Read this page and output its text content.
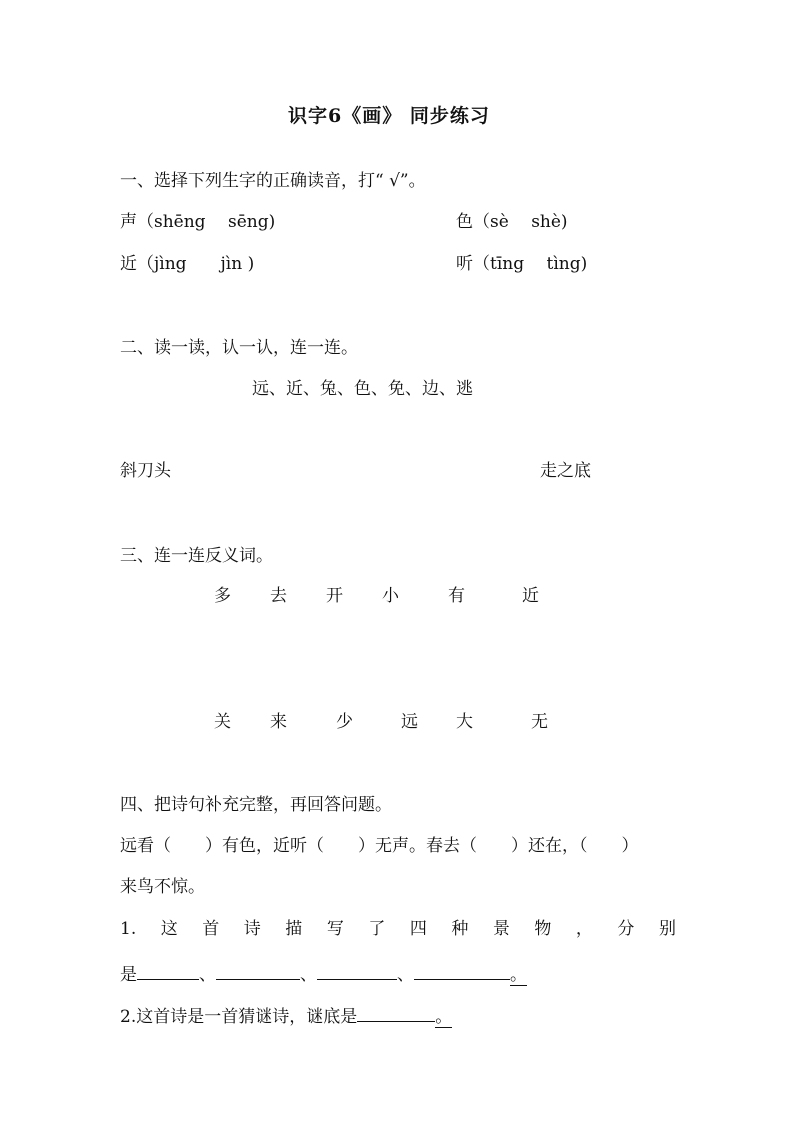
识字6《画》 同步练习
一、选择下列生字的正确读音，打“ √”。
声（shēng　 sēng)	色（sè　 shè)
近（jìng　　jìn )	听（tīng　 tìng)
二、读一读，认一认，连一连。
远、近、兔、色、免、边、逃
斜刀头	走之底
三、连一连反义词。
多 去 开 小	有	近
关 来	少	远 大	无
四、把诗句补充完整，再回答问题。
远看（　　）有色，近听（　　）无声。春去（　　）还在，（　　）
来鸟不惊。
1. 这 首 诗 描 写 了 四 种 景 物 ， 分 别
是	、	、	、	。
2.这首诗是一首猜谜诗，谜底是	。
